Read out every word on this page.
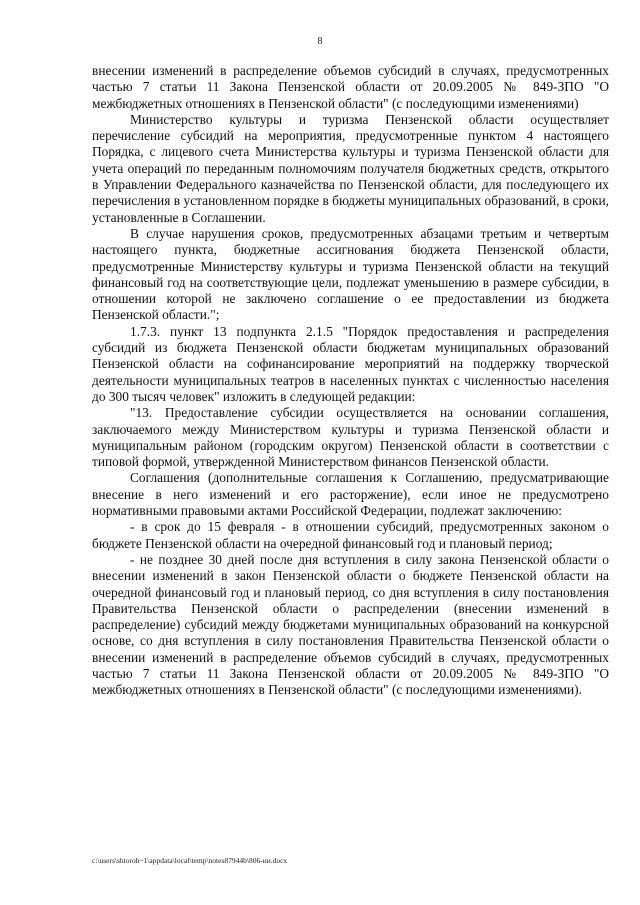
8

внесении изменений в распределение объемов субсидий в случаях, предусмотренных частью 7 статьи 11 Закона Пензенской области от 20.09.2005 № 849-ЗПО "О межбюджетных отношениях в Пензенской области" (с последующими изменениями)

Министерство культуры и туризма Пензенской области осуществляет перечисление субсидий на мероприятия, предусмотренные пунктом 4 настоящего Порядка, с лицевого счета Министерства культуры и туризма Пензенской области для учета операций по переданным полномочиям получателя бюджетных средств, открытого в Управлении Федерального казначейства по Пензенской области, для последующего их перечисления в установленном порядке в бюджеты муниципальных образований, в сроки, установленные в Соглашении.

В случае нарушения сроков, предусмотренных абзацами третьим и четвертым настоящего пункта, бюджетные ассигнования бюджета Пензенской области, предусмотренные Министерству культуры и туризма Пензенской области на текущий финансовый год на соответствующие цели, подлежат уменьшению в размере субсидии, в отношении которой не заключено соглашение о ее предоставлении из бюджета Пензенской области.";

1.7.3. пункт 13 подпункта 2.1.5 "Порядок предоставления и распределения субсидий из бюджета Пензенской области бюджетам муниципальных образований Пензенской области на софинансирование мероприятий на поддержку творческой деятельности муниципальных театров в населенных пунктах с численностью населения до 300 тысяч человек" изложить в следующей редакции:

"13. Предоставление субсидии осуществляется на основании соглашения, заключаемого между Министерством культуры и туризма Пензенской области и муниципальным районом (городским округом) Пензенской области в соответствии с типовой формой, утвержденной Министерством финансов Пензенской области.

Соглашения (дополнительные соглашения к Соглашению, предусматривающие внесение в него изменений и его расторжение), если иное не предусмотрено нормативными правовыми актами Российской Федерации, подлежат заключению:

- в срок до 15 февраля - в отношении субсидий, предусмотренных законом о бюджете Пензенской области на очередной финансовый год и плановый период;

- не позднее 30 дней после дня вступления в силу закона Пензенской области о внесении изменений в закон Пензенской области о бюджете Пензенской области на очередной финансовый год и плановый период, со дня вступления в силу постановления Правительства Пензенской области о распределении (внесении изменений в распределение) субсидий между бюджетами муниципальных образований на конкурсной основе, со дня вступления в силу постановления Правительства Пензенской области о внесении изменений в распределение объемов субсидий в случаях, предусмотренных частью 7 статьи 11 Закона Пензенской области от 20.09.2005 № 849-ЗПО "О межбюджетных отношениях в Пензенской области" (с последующими изменениями).

c:\users\shtoroh~1\appdata\local\temp\notes87944b\806-ии.docx
